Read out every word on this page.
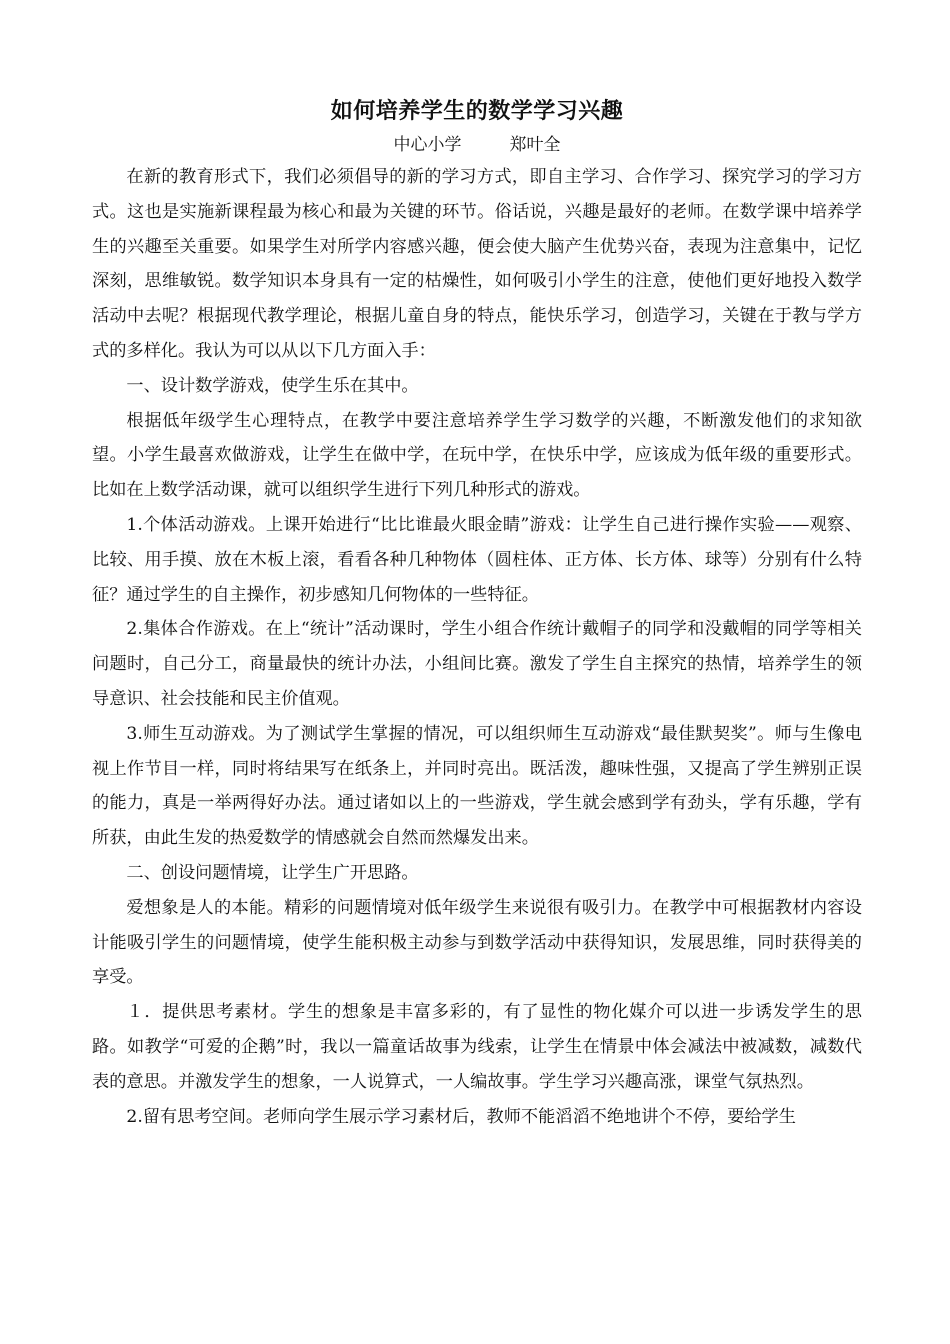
如何培养学生的数学学习兴趣

中心小学	郑叶全

在新的教育形式下，我们必须倡导的新的学习方式，即自主学习、合作学习、探究学习的学习方式。这也是实施新课程最为核心和最为关键的环节。俗话说，兴趣是最好的老师。在数学课中培养学生的兴趣至关重要。如果学生对所学内容感兴趣，便会使大脑产生优势兴奋，表现为注意集中，记忆深刻，思维敏锐。数学知识本身具有一定的枯燥性，如何吸引小学生的注意，使他们更好地投入数学活动中去呢？根据现代教学理论，根据儿童自身的特点，能快乐学习，创造学习，关键在于教与学方式的多样化。我认为可以从以下几方面入手：

一、设计数学游戏，使学生乐在其中。

根据低年级学生心理特点，在教学中要注意培养学生学习数学的兴趣，不断激发他们的求知欲望。小学生最喜欢做游戏，让学生在做中学，在玩中学，在快乐中学，应该成为低年级的重要形式。比如在上数学活动课，就可以组织学生进行下列几种形式的游戏。

1.个体活动游戏。上课开始进行“比比谁最火眼金睛”游戏：让学生自己进行操作实验——观察、比较、用手摸、放在木板上滚，看看各种几种物体（圆柱体、正方体、长方体、球等）分别有什么特征？通过学生的自主操作，初步感知几何物体的一些特征。

2.集体合作游戏。在上“统计”活动课时，学生小组合作统计戴帽子的同学和没戴帽的同学等相关问题时，自己分工，商量最快的统计办法，小组间比赛。激发了学生自主探究的热情，培养学生的领导意识、社会技能和民主价值观。

3.师生互动游戏。为了测试学生掌握的情况，可以组织师生互动游戏“最佳默契奖”。师与生像电视上作节目一样，同时将结果写在纸条上，并同时亮出。既活泼，趣味性强，又提高了学生辨别正误的能力，真是一举两得好办法。通过诸如以上的一些游戏，学生就会感到学有劲头，学有乐趣，学有所获，由此生发的热爱数学的情感就会自然而然爆发出来。

二、创设问题情境，让学生广开思路。

爱想象是人的本能。精彩的问题情境对低年级学生来说很有吸引力。在教学中可根据教材内容设计能吸引学生的问题情境，使学生能积极主动参与到数学活动中获得知识，发展思维，同时获得美的享受。

１．提供思考素材。学生的想象是丰富多彩的，有了显性的物化媒介可以进一步诱发学生的思路。如教学“可爱的企鹅”时，我以一篇童话故事为线索，让学生在情景中体会减法中被减数，减数代表的意思。并激发学生的想象，一人说算式，一人编故事。学生学习兴趣高涨，课堂气氛热烈。

2.留有思考空间。老师向学生展示学习素材后，教师不能滔滔不绝地讲个不停，要给学生
